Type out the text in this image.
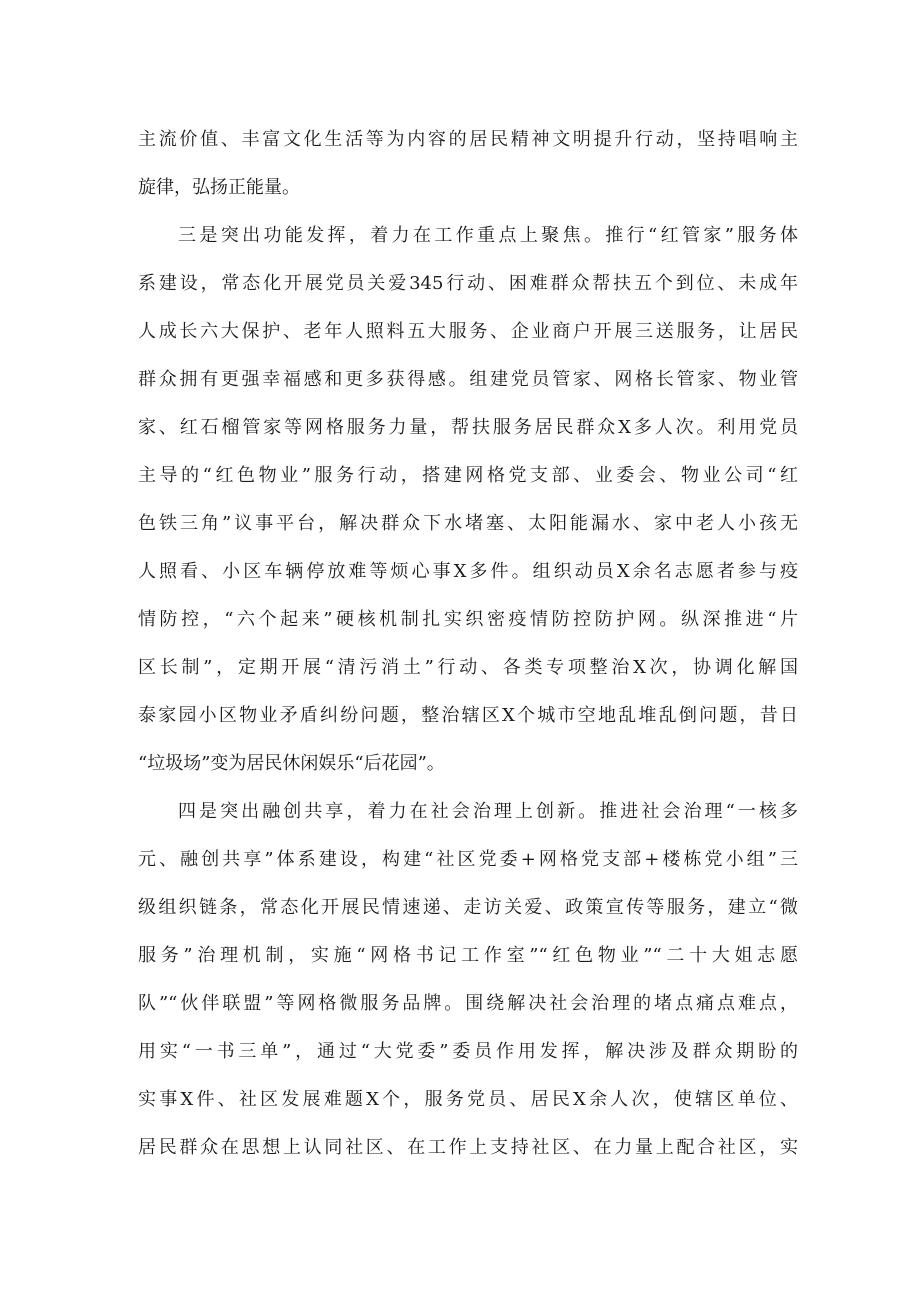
主流价值、丰富文化生活等为内容的居民精神文明提升行动，坚持唱响主
旋律，弘扬正能量。
三是突出功能发挥，着力在工作重点上聚焦。推行“红管家”服务体
系建设，常态化开展党员关爱345行动、困难群众帮扶五个到位、未成年
人成长六大保护、老年人照料五大服务、企业商户开展三送服务，让居民
群众拥有更强幸福感和更多获得感。组建党员管家、网格长管家、物业管
家、红石榴管家等网格服务力量，帮扶服务居民群众X多人次。利用党员
主导的“红色物业”服务行动，搭建网格党支部、业委会、物业公司“红
色铁三角”议事平台，解决群众下水堵塞、太阳能漏水、家中老人小孩无
人照看、小区车辆停放难等烦心事X多件。组织动员X余名志愿者参与疫
情防控，“六个起来”硬核机制扎实织密疫情防控防护网。纵深推进“片
区长制”，定期开展“清污消土”行动、各类专项整治X次，协调化解国
泰家园小区物业矛盾纠纷问题，整治辖区X个城市空地乱堆乱倒问题，昔日
“垃圾场”变为居民休闲娱乐“后花园”。
四是突出融创共享，着力在社会治理上创新。推进社会治理“一核多
元、融创共享”体系建设，构建“社区党委+网格党支部+楼栋党小组”三
级组织链条，常态化开展民情速递、走访关爱、政策宣传等服务，建立“微
服务”治理机制，实施“网格书记工作室”“红色物业”“二十大姐志愿
队”“伙伴联盟”等网格微服务品牌。围绕解决社会治理的堵点痛点难点，
用实“一书三单”，通过“大党委”委员作用发挥，解决涉及群众期盼的
实事X件、社区发展难题X个，服务党员、居民X余人次，使辖区单位、
居民群众在思想上认同社区、在工作上支持社区、在力量上配合社区，实
